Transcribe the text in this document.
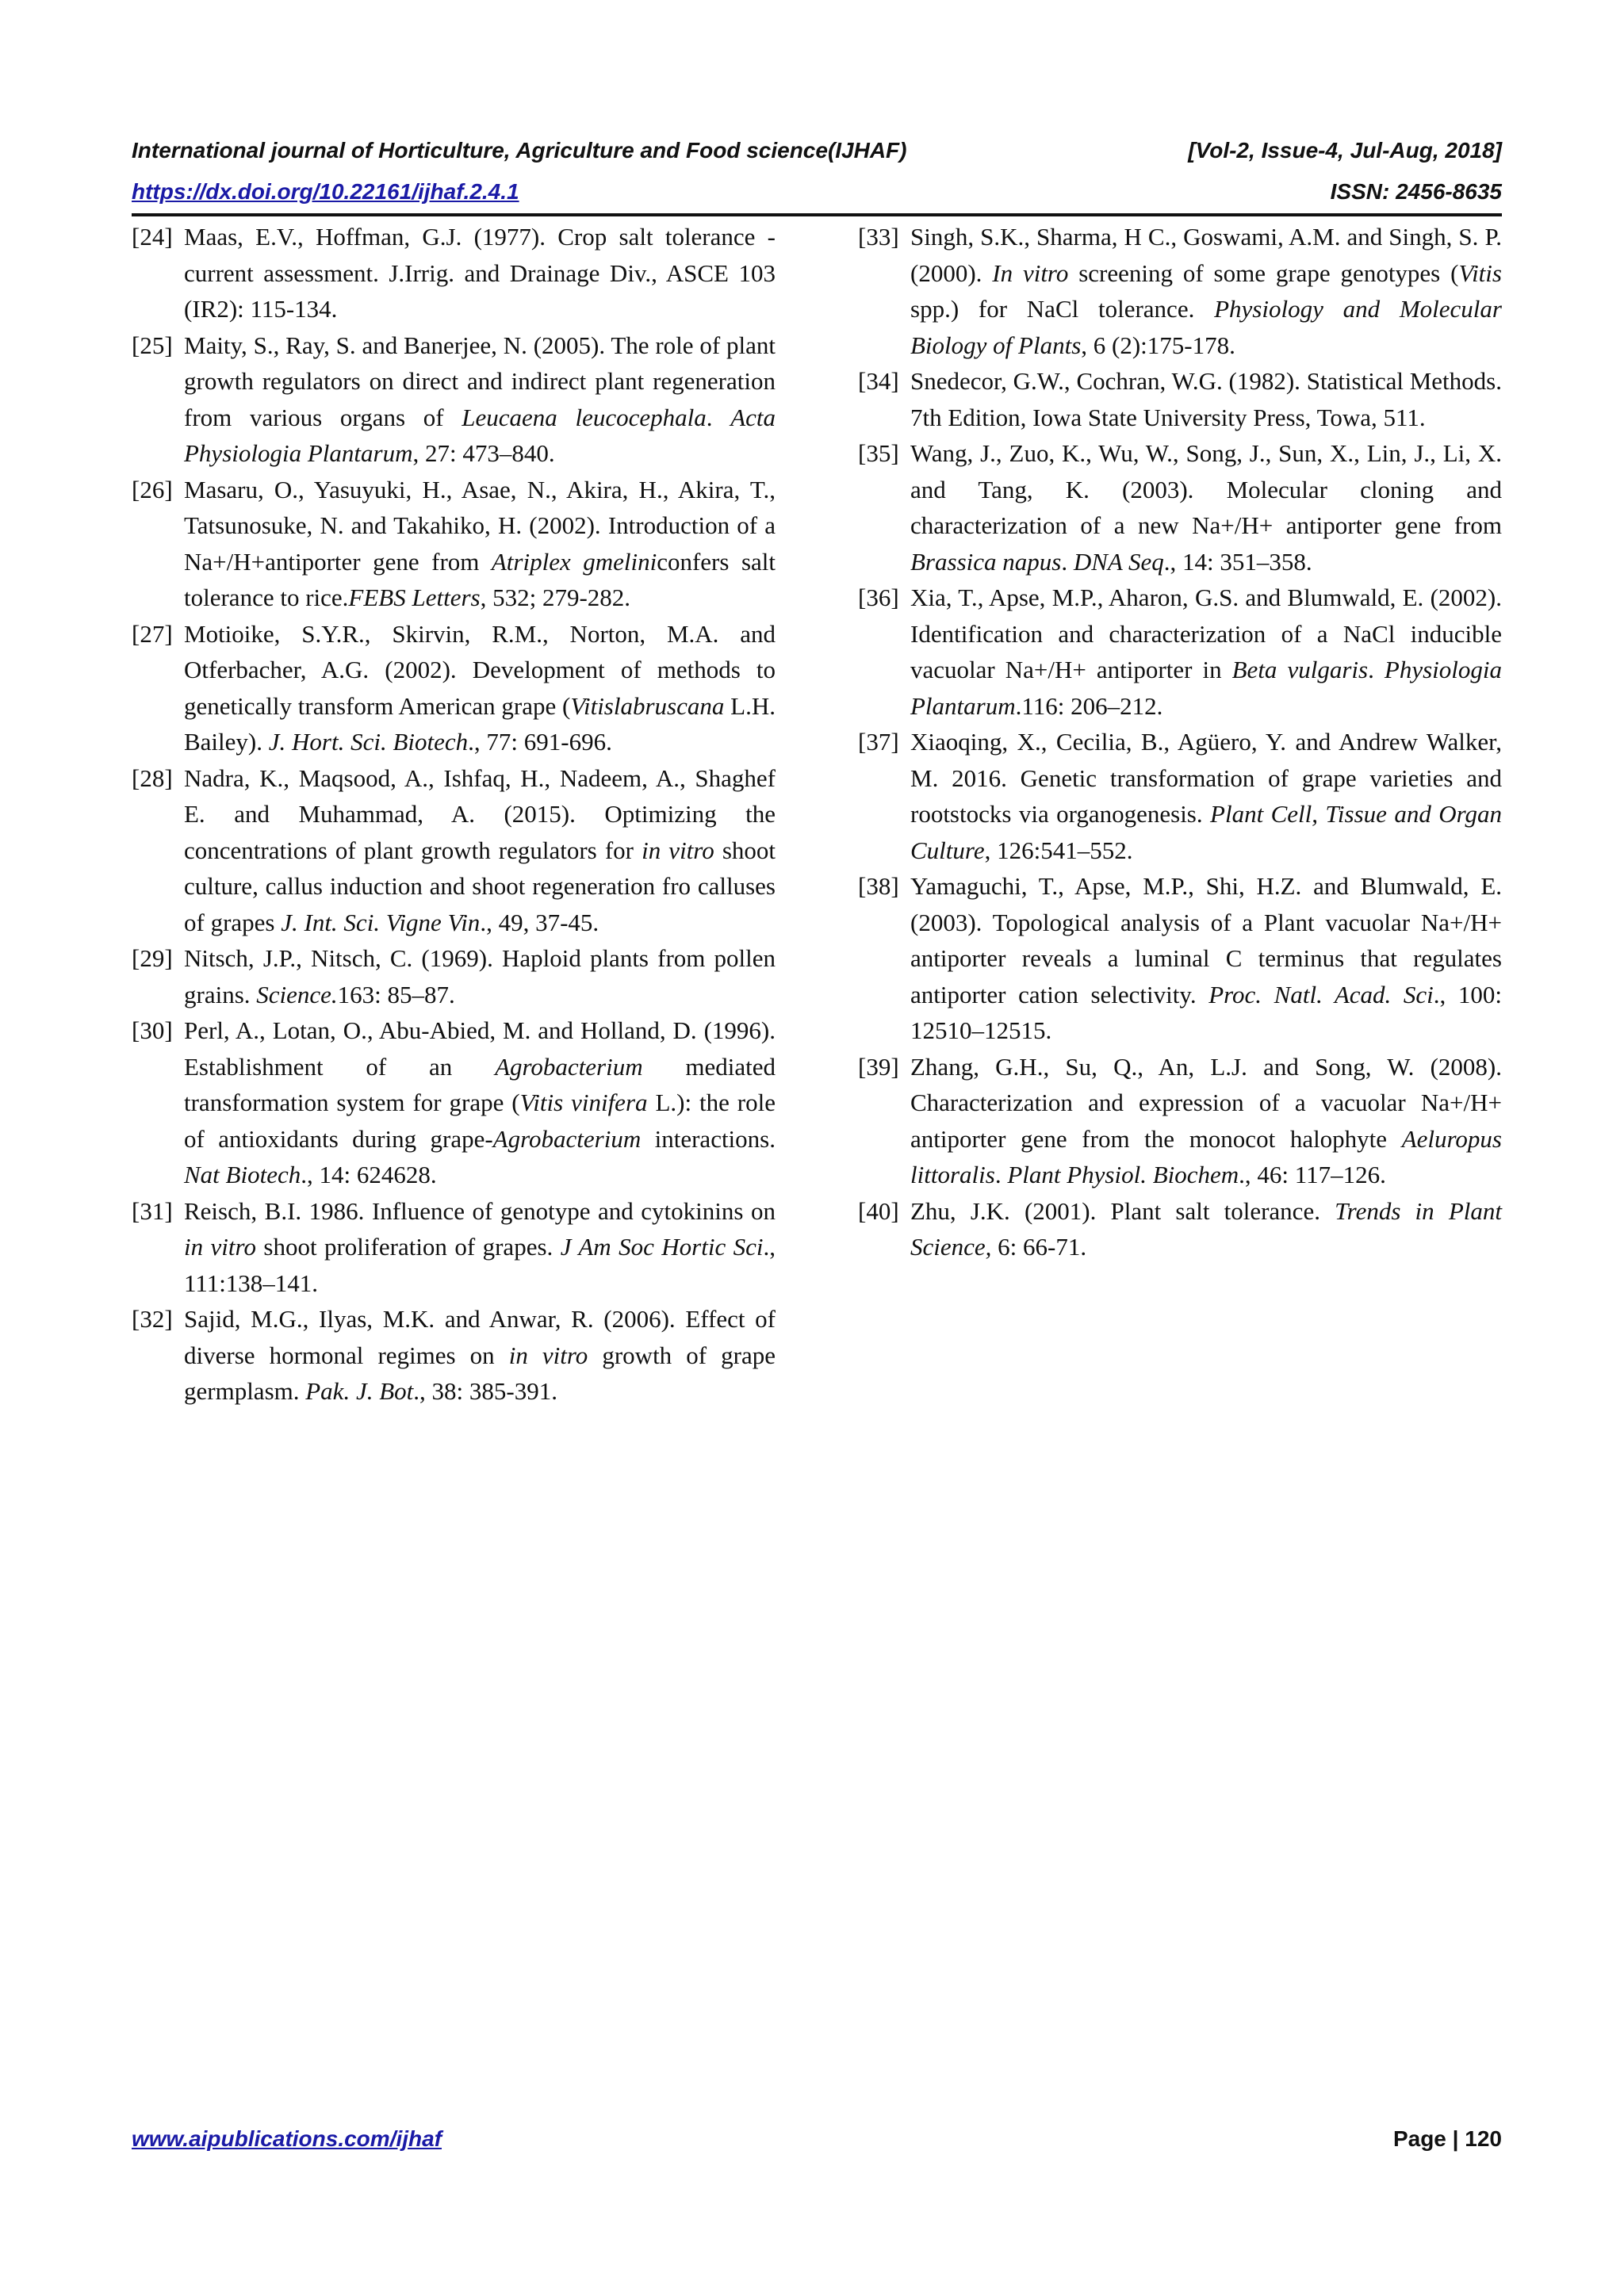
International journal of Horticulture, Agriculture and Food science(IJHAF)	[Vol-2, Issue-4, Jul-Aug, 2018]
https://dx.doi.org/10.22161/ijhaf.2.4.1	ISSN: 2456-8635
[24] Maas, E.V., Hoffman, G.J. (1977). Crop salt tolerance - current assessment. J.Irrig. and Drainage Div., ASCE 103 (IR2): 115-134.
[25] Maity, S., Ray, S. and Banerjee, N. (2005). The role of plant growth regulators on direct and indirect plant regeneration from various organs of Leucaena leucocephala. Acta Physiologia Plantarum, 27: 473–840.
[26] Masaru, O., Yasuyuki, H., Asae, N., Akira, H., Akira, T., Tatsunosuke, N. and Takahiko, H. (2002). Introduction of a Na+/H+antiporter gene from Atriplex gmeliniconfers salt tolerance to rice.FEBS Letters, 532; 279-282.
[27] Motioike, S.Y.R., Skirvin, R.M., Norton, M.A. and Otferbacher, A.G. (2002). Development of methods to genetically transform American grape (Vitislabruscana L.H. Bailey). J. Hort. Sci. Biotech., 77: 691-696.
[28] Nadra, K., Maqsood, A., Ishfaq, H., Nadeem, A., Shaghef E. and Muhammad, A. (2015). Optimizing the concentrations of plant growth regulators for in vitro shoot culture, callus induction and shoot regeneration fro calluses of grapes J. Int. Sci. Vigne Vin., 49, 37-45.
[29] Nitsch, J.P., Nitsch, C. (1969). Haploid plants from pollen grains. Science.163: 85–87.
[30] Perl, A., Lotan, O., Abu-Abied, M. and Holland, D. (1996). Establishment of an Agrobacterium mediated transformation system for grape (Vitis vinifera L.): the role of antioxidants during grape-Agrobacterium interactions. Nat Biotech., 14: 624628.
[31] Reisch, B.I. 1986. Influence of genotype and cytokinins on in vitro shoot proliferation of grapes. J Am Soc Hortic Sci., 111:138–141.
[32] Sajid, M.G., Ilyas, M.K. and Anwar, R. (2006). Effect of diverse hormonal regimes on in vitro growth of grape germplasm. Pak. J. Bot., 38: 385-391.
[33] Singh, S.K., Sharma, H C., Goswami, A.M. and Singh, S. P. (2000). In vitro screening of some grape genotypes (Vitis spp.) for NaCl tolerance. Physiology and Molecular Biology of Plants, 6 (2):175-178.
[34] Snedecor, G.W., Cochran, W.G. (1982). Statistical Methods. 7th Edition, Iowa State University Press, Towa, 511.
[35] Wang, J., Zuo, K., Wu, W., Song, J., Sun, X., Lin, J., Li, X. and Tang, K. (2003). Molecular cloning and characterization of a new Na+/H+ antiporter gene from Brassica napus. DNA Seq., 14: 351–358.
[36] Xia, T., Apse, M.P., Aharon, G.S. and Blumwald, E. (2002). Identification and characterization of a NaCl inducible vacuolar Na+/H+ antiporter in Beta vulgaris. Physiologia Plantarum.116: 206–212.
[37] Xiaoqing, X., Cecilia, B., Agüero, Y. and Andrew Walker, M. 2016. Genetic transformation of grape varieties and rootstocks via organogenesis. Plant Cell, Tissue and Organ Culture, 126:541–552.
[38] Yamaguchi, T., Apse, M.P., Shi, H.Z. and Blumwald, E. (2003). Topological analysis of a Plant vacuolar Na+/H+ antiporter reveals a luminal C terminus that regulates antiporter cation selectivity. Proc. Natl. Acad. Sci., 100: 12510–12515.
[39] Zhang, G.H., Su, Q., An, L.J. and Song, W. (2008). Characterization and expression of a vacuolar Na+/H+ antiporter gene from the monocot halophyte Aeluropus littoralis. Plant Physiol. Biochem., 46: 117–126.
[40] Zhu, J.K. (2001). Plant salt tolerance. Trends in Plant Science, 6: 66-71.
www.aipublications.com/ijhaf	Page | 120
